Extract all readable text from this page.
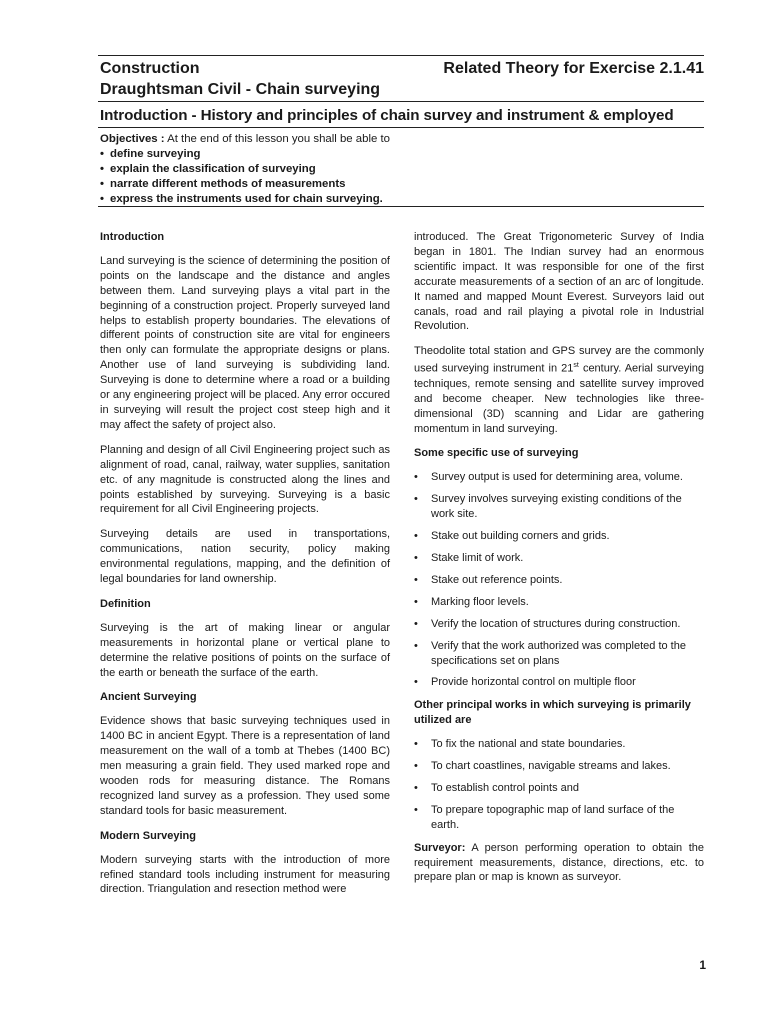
Construction
Draughtsman Civil - Chain surveying
Related Theory for Exercise 2.1.41
Introduction - History and principles of chain survey and instrument & employed
Objectives : At the end of this lesson you shall be able to
• define surveying
• explain the classification of surveying
• narrate different methods of measurements
• express the instruments used for chain surveying.
Introduction

Land surveying is the science of determining the position of points on the landscape and the distance and angles between them. Land surveying plays a vital part in the beginning of a construction project. Properly surveyed land helps to establish property boundaries. The elevations of different points of construction site are vital for engineers then only can formulate the appropriate designs or plans. Another use of land surveying is subdividing land. Surveying is done to determine where a road or a building or any engineering project will be placed. Any error occured in surveying will result the project cost steep high and it may affect the safety of project also.

Planning and design of all Civil Engineering project such as alignment of road, canal, railway, water supplies, sanitation etc. of any magnitude is constructed along the lines and points established by surveying. Surveying is a basic requirement for all Civil Engineering projects.

Surveying details are used in transportations, communications, nation security, policy making environmental regulations, mapping, and the definition of legal boundaries for land ownership.

Definition

Surveying is the art of making linear or angular measurements in horizontal plane or vertical plane to determine the relative positions of points on the surface of the earth or beneath the surface of the earth.

Ancient Surveying

Evidence shows that basic surveying techniques used in 1400 BC in ancient Egypt. There is a representation of land measurement on the wall of a tomb at Thebes (1400 BC) men measuring a grain field. They used marked rope and wooden rods for measuring distance. The Romans recognized land survey as a profession. They used some standard tools for basic measurement.

Modern Surveying

Modern surveying starts with the introduction of more refined standard tools including instrument for measuring direction. Triangulation and resection method were

introduced. The Great Trigonometeric Survey of India began in 1801. The Indian survey had an enormous scientific impact. It was responsible for one of the first accurate measurements of a section of an arc of longitude. It named and mapped Mount Everest. Surveyors laid out canals, road and rail playing a pivotal role in Industrial Revolution.

Theodolite total station and GPS survey are the commonly used surveying instrument in 21st century. Aerial surveying techniques, remote sensing and satellite survey improved and become cheaper. New technologies like three-dimensional (3D) scanning and Lidar are gathering momentum in land surveying.

Some specific use of surveying
• Survey output is used for determining area, volume.
• Survey involves surveying existing conditions of the work site.
• Stake out building corners and grids.
• Stake limit of work.
• Stake out reference points.
• Marking floor levels.
• Verify the location of structures during construction.
• Verify that the work authorized was completed to the specifications set on plans
• Provide horizontal control on multiple floor
Other principal works in which surveying is primarily utilized are
• To fix the national and state boundaries.
• To chart coastlines, navigable streams and lakes.
• To establish control points and
• To prepare topographic map of land surface of the earth.

Surveyor: A person performing operation to obtain the requirement measurements, distance, directions, etc. to prepare plan or map is known as surveyor.

1
